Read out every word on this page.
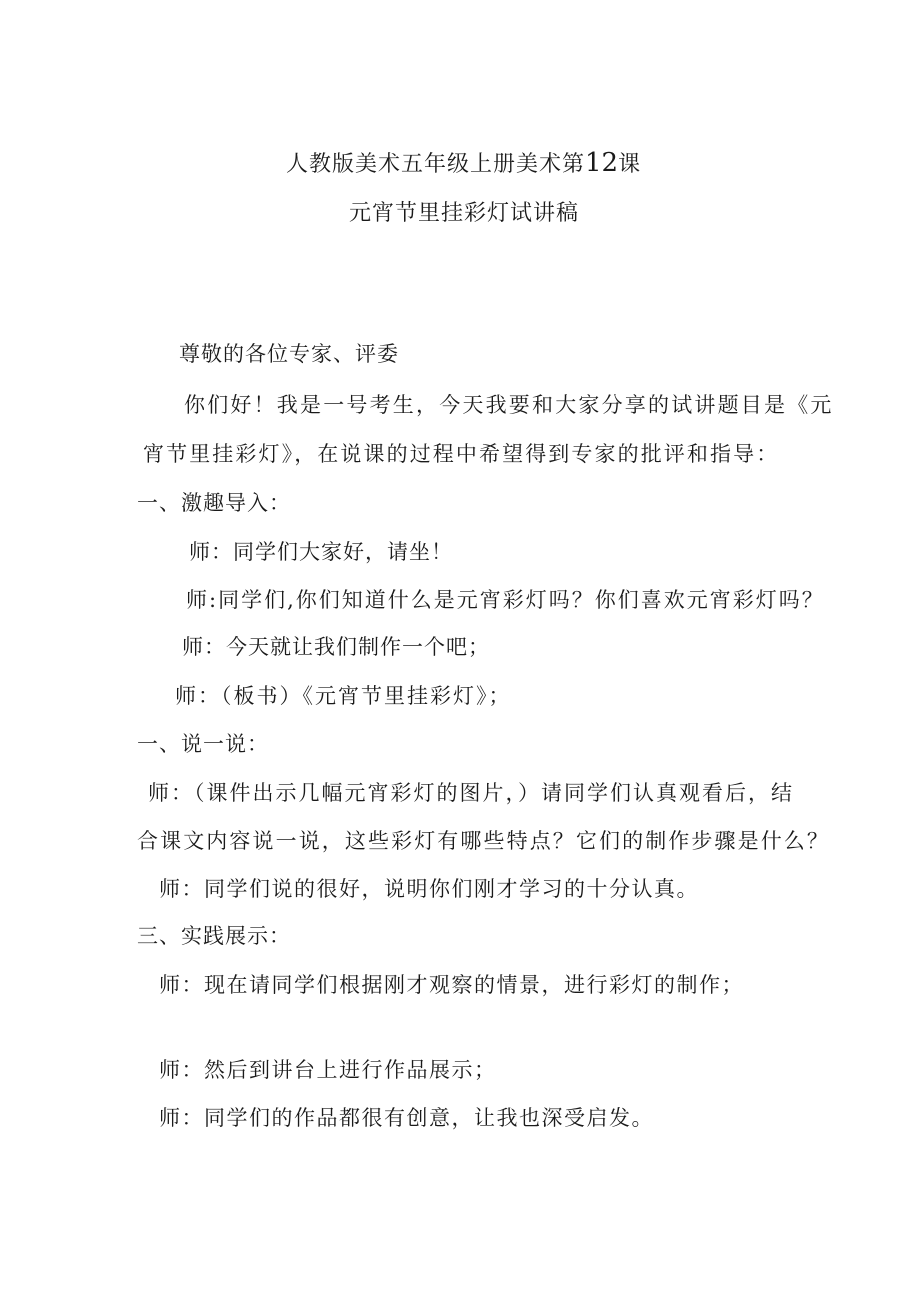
人教版美术五年级上册美术第12课
元宵节里挂彩灯试讲稿
尊敬的各位专家、评委
你们好！我是一号考生，今天我要和大家分享的试讲题目是《元
宵节里挂彩灯》，在说课的过程中希望得到专家的批评和指导：
一、激趣导入：
师：同学们大家好，请坐！
师:同学们,你们知道什么是元宵彩灯吗？你们喜欢元宵彩灯吗？
师：今天就让我们制作一个吧；
师：（板书）《元宵节里挂彩灯》；
一、说一说：
师：（课件出示几幅元宵彩灯的图片，）请同学们认真观看后，结
合课文内容说一说，这些彩灯有哪些特点？它们的制作步骤是什么？
师：同学们说的很好，说明你们刚才学习的十分认真。
三、实践展示：
师：现在请同学们根据刚才观察的情景，进行彩灯的制作；
师：然后到讲台上进行作品展示；
师：同学们的作品都很有创意，让我也深受启发。
